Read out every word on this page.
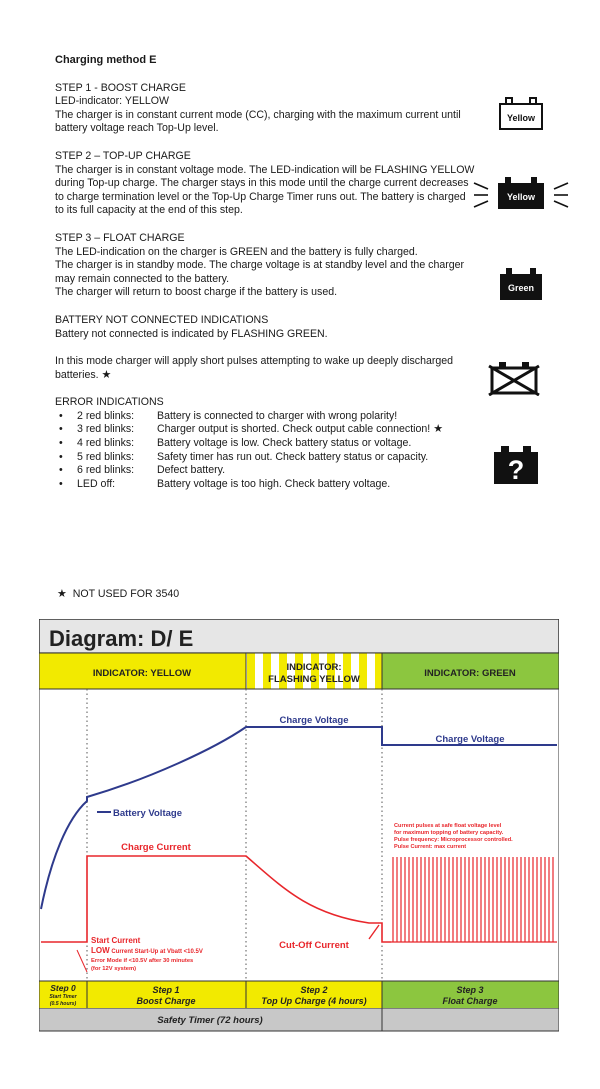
Charging method E

STEP 1 - BOOST CHARGE

LED-indicator: YELLOW

The charger is in constant current mode (CC), charging with the maximum current until

battery voltage reach Top-Up level.

STEP 2 – TOP-UP CHARGE

The charger is in constant voltage mode. The LED-indication will be FLASHING YELLOW

during Top-up charge. The charger stays in this mode until the charge current decreases

to charge termination level or the Top-Up Charge Timer runs out. The battery is charged

to its full capacity at the end of this step.

STEP 3 – FLOAT CHARGE

The LED-indication on the charger is GREEN and the battery is fully charged.

The charger is in standby mode. The charge voltage is at standby level and the charger

may remain connected to the battery.

The charger will return to boost charge if the battery is used.

BATTERY NOT CONNECTED INDICATIONS

Battery not connected is indicated by FLASHING GREEN.

In this mode charger will apply short pulses attempting to wake up deeply discharged

batteries. ★

ERROR INDICATIONS

• 2 red blinks: Battery is connected to charger with wrong polarity!
• 3 red blinks: Charger output is shorted. Check output cable connection! ★
• 4 red blinks: Battery voltage is low. Check battery status or voltage.
• 5 red blinks: Safety timer has run out. Check battery status or capacity.
• 6 red blinks: Defect battery.
• LED off:	Battery voltage is too high. Check battery voltage.
★ NOT USED FOR 3540
Yellow
Yellow
Green
?
Diagram: D/ E
INDICATOR: YELLOW
INDICATOR:
FLASHING YELLOW
INDICATOR: GREEN
Battery Voltage
Charge Voltage
Charge Voltage
Charge Current
Current pulses at safe float voltage level
for maximum topping of battery capacity.
Pulse frequency: Microprocessor controlled.
Pulse Current: max current
Start Current
LOW Current Start-Up at Vbatt <10.5V
Error Mode if <10.5V after 30 minutes
(for 12V system)
Cut-Off Current
Step 0
Start Timer
(0.5 hours)
Step 1
Boost Charge
Step 2
Top Up Charge (4 hours)
Step 3
Float Charge
Safety Timer (72 hours)
